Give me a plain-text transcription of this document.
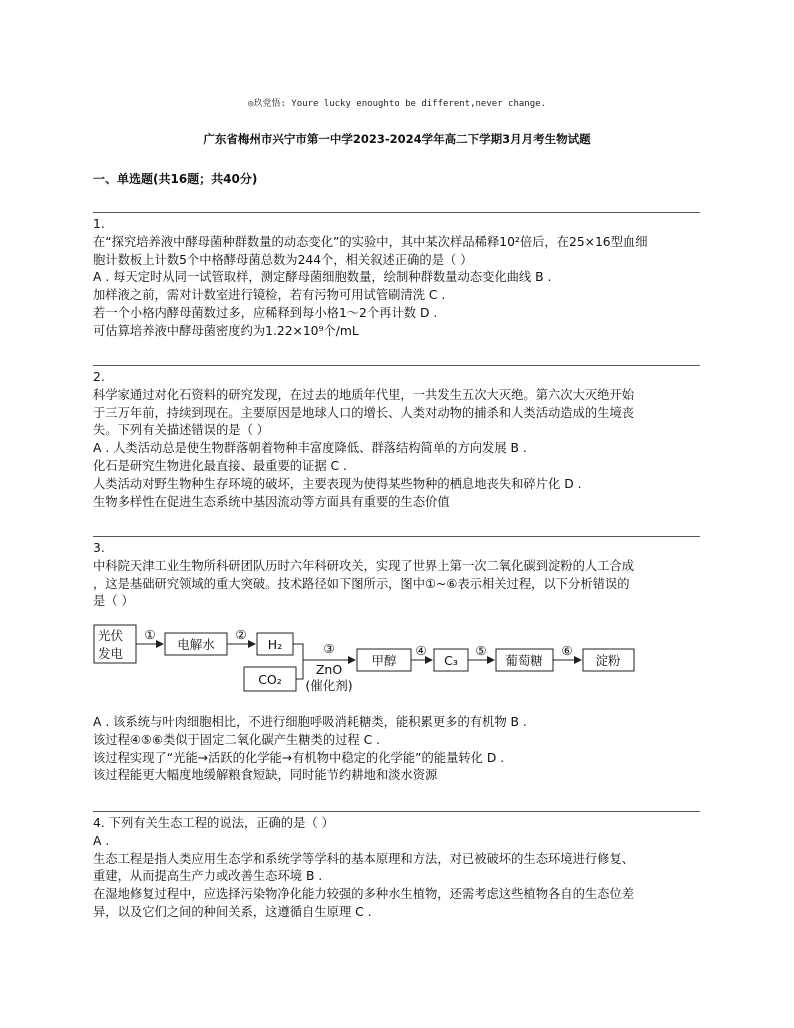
◎玖党悟: Youre lucky enoughto be different,never change.
广东省梅州市兴宁市第一中学2023-2024学年高二下学期3月月考生物试题
一、单选题(共16题；共40分)
1.
在“探究培养液中酵母菌种群数量的动态变化”的实验中，其中某次样品稀释10²倍后，在25×16型血细
胞计数板上计数5个中格酵母菌总数为244个，相关叙述正确的是（ ）
A . 每天定时从同一试管取样，测定酵母菌细胞数量，绘制种群数量动态变化曲线 B .
加样液之前，需对计数室进行镜检，若有污物可用试管刷清洗 C .
若一个小格内酵母菌数过多，应稀释到每小格1～2个再计数 D .
可估算培养液中酵母菌密度约为1.22×10⁹个/mL
2.
科学家通过对化石资料的研究发现，在过去的地质年代里，一共发生五次大灭绝。第六次大灭绝开始
于三万年前，持续到现在。主要原因是地球人口的增长、人类对动物的捕杀和人类活动造成的生境丧
失。下列有关描述错误的是（ ）
A . 人类活动总是使生物群落朝着物种丰富度降低、群落结构简单的方向发展 B .
化石是研究生物进化最直接、最重要的证据 C .
人类活动对野生物种生存环境的破坏，主要表现为使得某些物种的栖息地丧失和碎片化 D .
生物多样性在促进生态系统中基因流动等方面具有重要的生态价值
3.
中科院天津工业生物所科研团队历时六年科研攻关，实现了世界上第一次二氧化碳到淀粉的人工合成
，这是基础研究领域的重大突破。技术路径如下图所示，图中①~⑥表示相关过程，以下分析错误的
是（ ）
光伏
发电
电解水	H₂
CO₂
ZnO
(催化剂)
甲醇	C₃	葡萄糖	淀粉
①	②
③	④	⑤	⑥
A . 该系统与叶肉细胞相比，不进行细胞呼吸消耗糖类，能积累更多的有机物 B .
该过程④⑤⑥类似于固定二氧化碳产生糖类的过程 C .
该过程实现了“光能→活跃的化学能→有机物中稳定的化学能”的能量转化 D .
该过程能更大幅度地缓解粮食短缺，同时能节约耕地和淡水资源
4. 下列有关生态工程的说法，正确的是（ ）
A .
生态工程是指人类应用生态学和系统学等学科的基本原理和方法，对已被破坏的生态环境进行修复、
重建，从而提高生产力或改善生态环境 B .
在湿地修复过程中，应选择污染物净化能力较强的多种水生植物，还需考虑这些植物各自的生态位差
异，以及它们之间的种间关系，这遵循自生原理 C .
